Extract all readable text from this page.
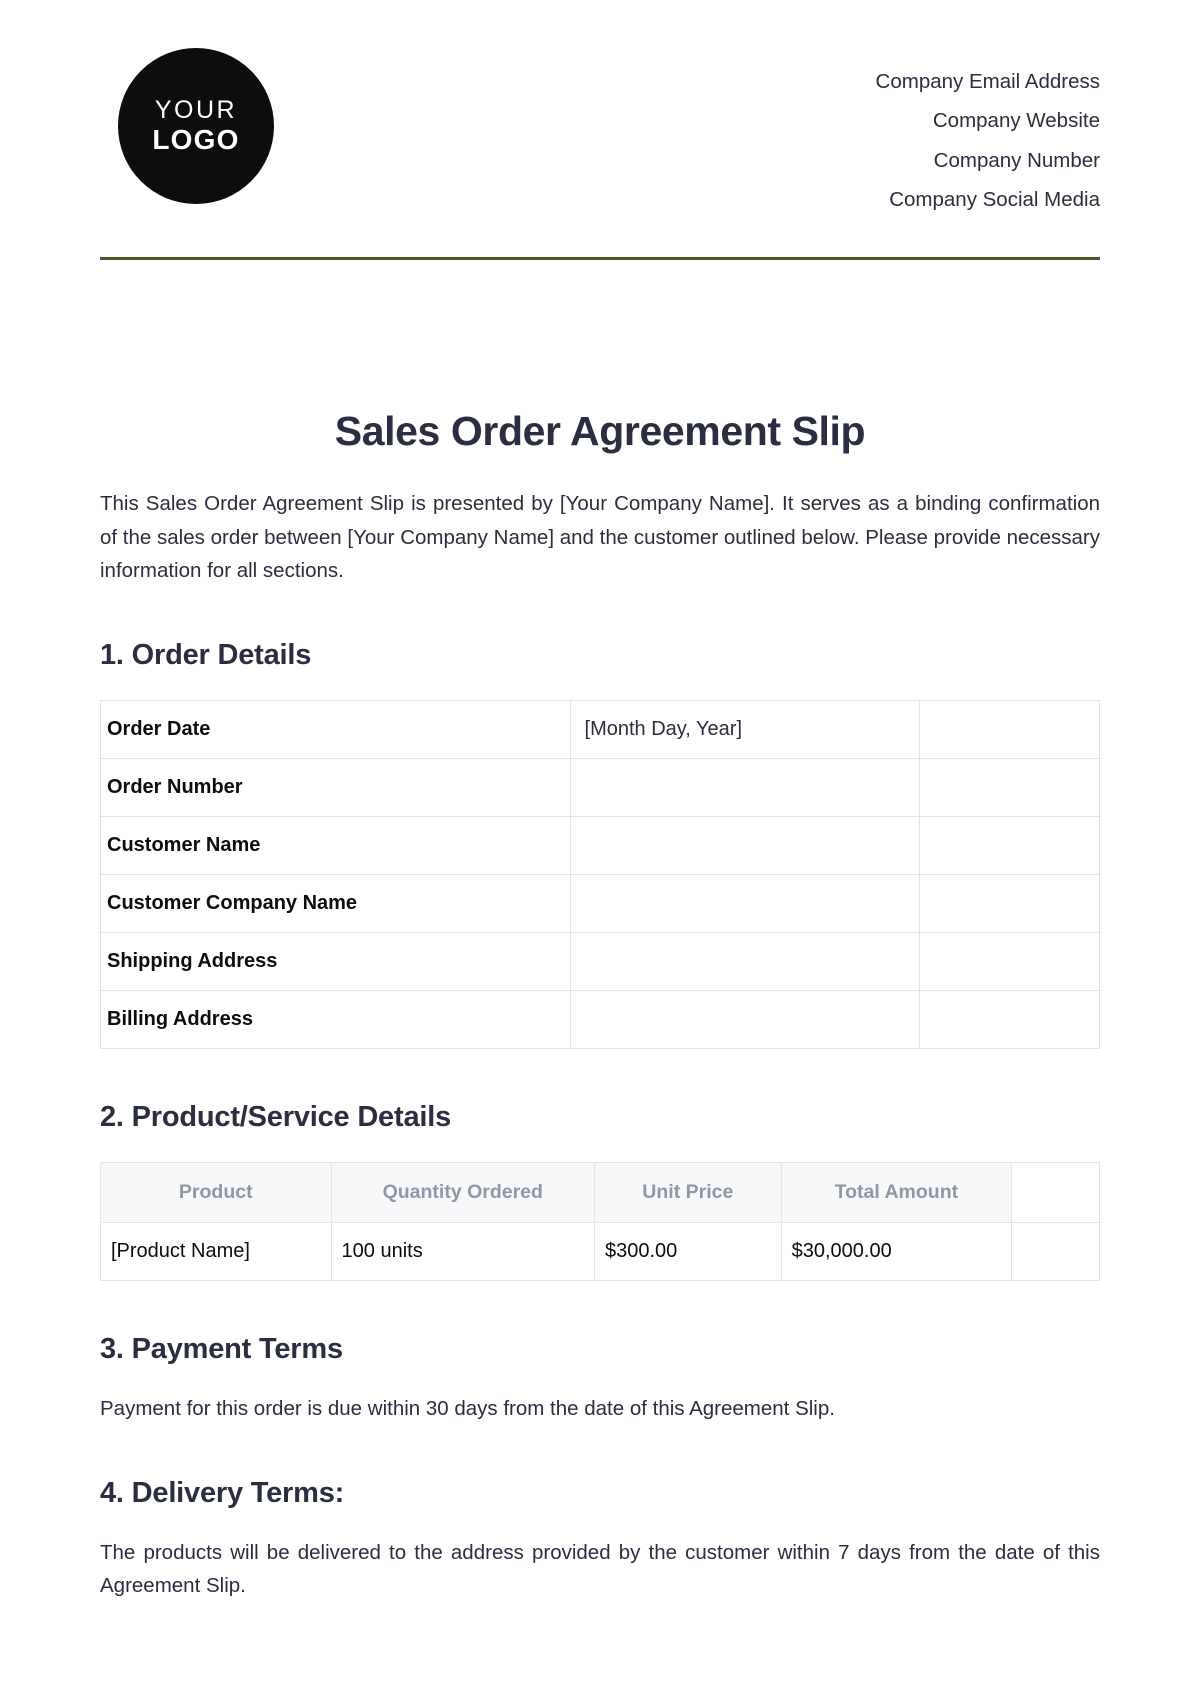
YOUR
LOGO
Company Email Address
Company Website
Company Number
Company Social Media
Sales Order Agreement Slip

This Sales Order Agreement Slip is presented by [Your Company Name]. It serves as a binding confirmation of the sales order between [Your Company Name] and the customer outlined below. Please provide necessary information for all sections.

1. Order Details
Order Date	[Month Day, Year]	
Order Number		
Customer Name		
Customer Company Name		
Shipping Address		
Billing Address		
2. Product/Service Details
Product	Quantity Ordered	Unit Price	Total Amount	
[Product Name]	100 units	$300.00	$30,000.00	
3. Payment Terms

Payment for this order is due within 30 days from the date of this Agreement Slip.

4. Delivery Terms:

The products will be delivered to the address provided by the customer within 7 days from the date of this Agreement Slip.
